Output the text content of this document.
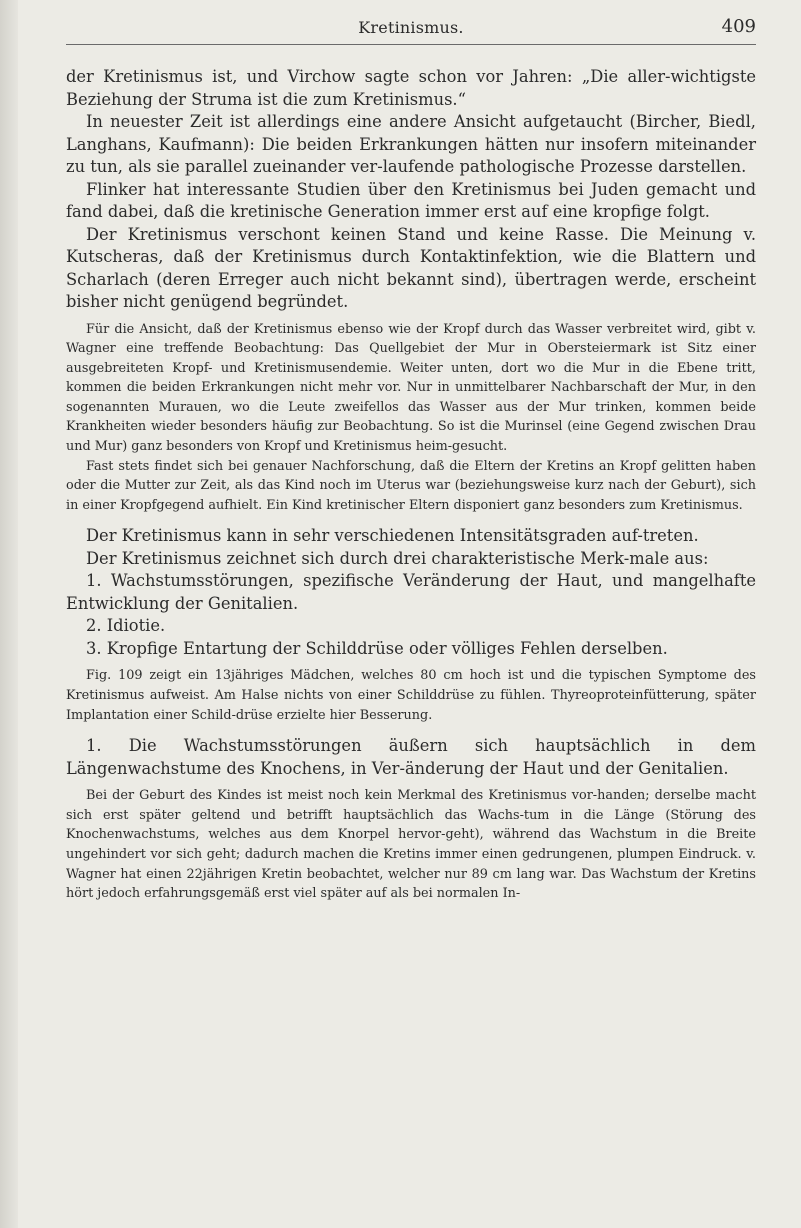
Kretinismus.	409

der Kretinismus ist, und Virchow sagte schon vor Jahren: „Die aller-wichtigste Beziehung der Struma ist die zum Kretinismus.“

In neuester Zeit ist allerdings eine andere Ansicht aufgetaucht (Bircher, Biedl, Langhans, Kaufmann): Die beiden Erkrankungen hätten nur insofern miteinander zu tun, als sie parallel zueinander ver-laufende pathologische Prozesse darstellen.

Flinker hat interessante Studien über den Kretinismus bei Juden gemacht und fand dabei, daß die kretinische Generation immer erst auf eine kropfige folgt.

Der Kretinismus verschont keinen Stand und keine Rasse. Die Meinung v. Kutscheras, daß der Kretinismus durch Kontaktinfektion, wie die Blattern und Scharlach (deren Erreger auch nicht bekannt sind), übertragen werde, erscheint bisher nicht genügend begründet.

Für die Ansicht, daß der Kretinismus ebenso wie der Kropf durch das Wasser verbreitet wird, gibt v. Wagner eine treffende Beobachtung: Das Quellgebiet der Mur in Obersteiermark ist Sitz einer ausgebreiteten Kropf- und Kretinismusendemie. Weiter unten, dort wo die Mur in die Ebene tritt, kommen die beiden Erkrankungen nicht mehr vor. Nur in unmittelbarer Nachbarschaft der Mur, in den sogenannten Murauen, wo die Leute zweifellos das Wasser aus der Mur trinken, kommen beide Krankheiten wieder besonders häufig zur Beobachtung. So ist die Murinsel (eine Gegend zwischen Drau und Mur) ganz besonders von Kropf und Kretinismus heim-gesucht.

Fast stets findet sich bei genauer Nachforschung, daß die Eltern der Kretins an Kropf gelitten haben oder die Mutter zur Zeit, als das Kind noch im Uterus war (beziehungsweise kurz nach der Geburt), sich in einer Kropfgegend aufhielt. Ein Kind kretinischer Eltern disponiert ganz besonders zum Kretinismus.

Der Kretinismus kann in sehr verschiedenen Intensitätsgraden auf-treten.

Der Kretinismus zeichnet sich durch drei charakteristische Merk-male aus:

1. Wachstumsstörungen, spezifische Veränderung der Haut, und mangelhafte Entwicklung der Genitalien.

2. Idiotie.

3. Kropfige Entartung der Schilddrüse oder völliges Fehlen derselben.

Fig. 109 zeigt ein 13jähriges Mädchen, welches 80 cm hoch ist und die typischen Symptome des Kretinismus aufweist. Am Halse nichts von einer Schilddrüse zu fühlen. Thyreoproteinfütterung, später Implantation einer Schild-drüse erzielte hier Besserung.

1. Die Wachstumsstörungen äußern sich hauptsächlich in dem Längenwachstume des Knochens, in Ver-änderung der Haut und der Genitalien.

Bei der Geburt des Kindes ist meist noch kein Merkmal des Kretinismus vor-handen; derselbe macht sich erst später geltend und betrifft hauptsächlich das Wachs-tum in die Länge (Störung des Knochenwachstums, welches aus dem Knorpel hervor-geht), während das Wachstum in die Breite ungehindert vor sich geht; dadurch machen die Kretins immer einen gedrungenen, plumpen Eindruck. v. Wagner hat einen 22jährigen Kretin beobachtet, welcher nur 89 cm lang war. Das Wachstum der Kretins hört jedoch erfahrungsgemäß erst viel später auf als bei normalen In-
